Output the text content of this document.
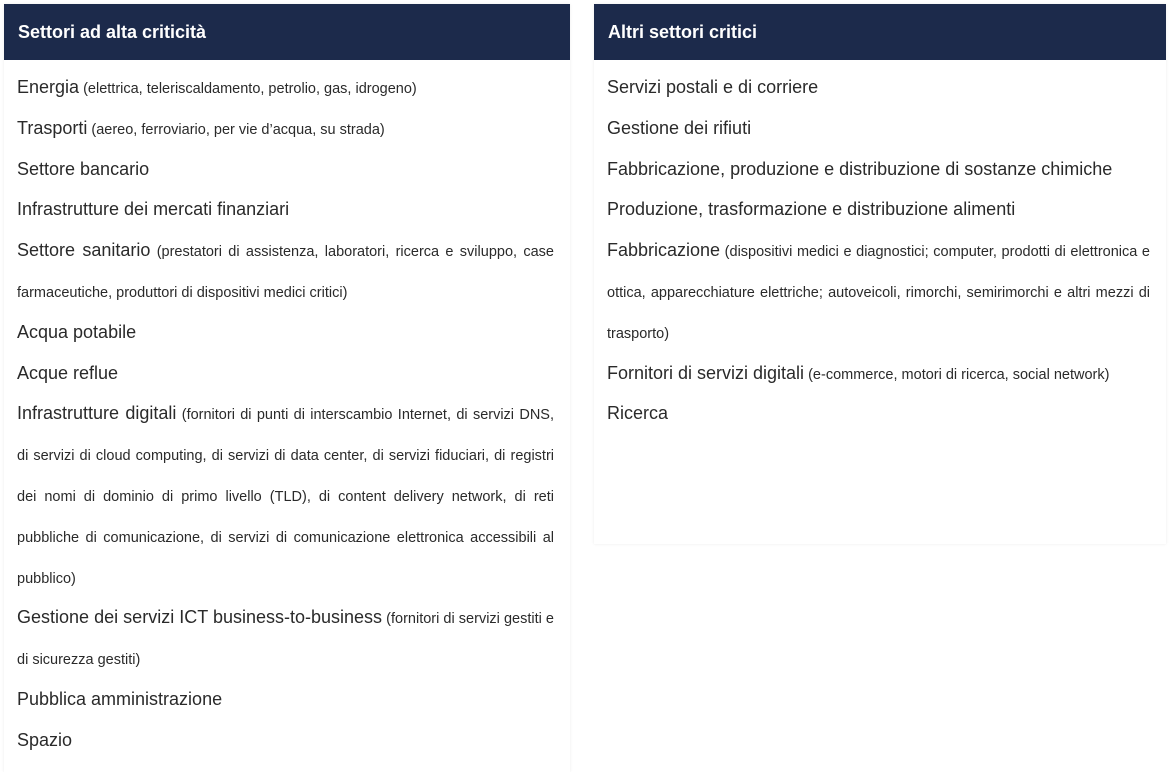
Settori ad alta criticità
Energia (elettrica, teleriscaldamento, petrolio, gas, idrogeno)
Trasporti (aereo, ferroviario, per vie d’acqua, su strada)
Settore bancario
Infrastrutture dei mercati finanziari
Settore sanitario (prestatori di assistenza, laboratori, ricerca e sviluppo, case farmaceutiche, produttori di dispositivi medici critici)
Acqua potabile
Acque reflue
Infrastrutture digitali (fornitori di punti di interscambio Internet, di servizi DNS, di servizi di cloud computing, di servizi di data center, di servizi fiduciari, di registri dei nomi di dominio di primo livello (TLD), di content delivery network, di reti pubbliche di comunicazione, di servizi di comunicazione elettronica accessibili al pubblico)
Gestione dei servizi ICT business-to-business (fornitori di servizi gestiti e di sicurezza gestiti)
Pubblica amministrazione
Spazio
Altri settori critici
Servizi postali e di corriere
Gestione dei rifiuti
Fabbricazione, produzione e distribuzione di sostanze chimiche
Produzione, trasformazione e distribuzione alimenti
Fabbricazione (dispositivi medici e diagnostici; computer, prodotti di elettronica e ottica, apparecchiature elettriche; autoveicoli, rimorchi, semirimorchi e altri mezzi di trasporto)
Fornitori di servizi digitali (e-commerce, motori di ricerca, social network)
Ricerca
